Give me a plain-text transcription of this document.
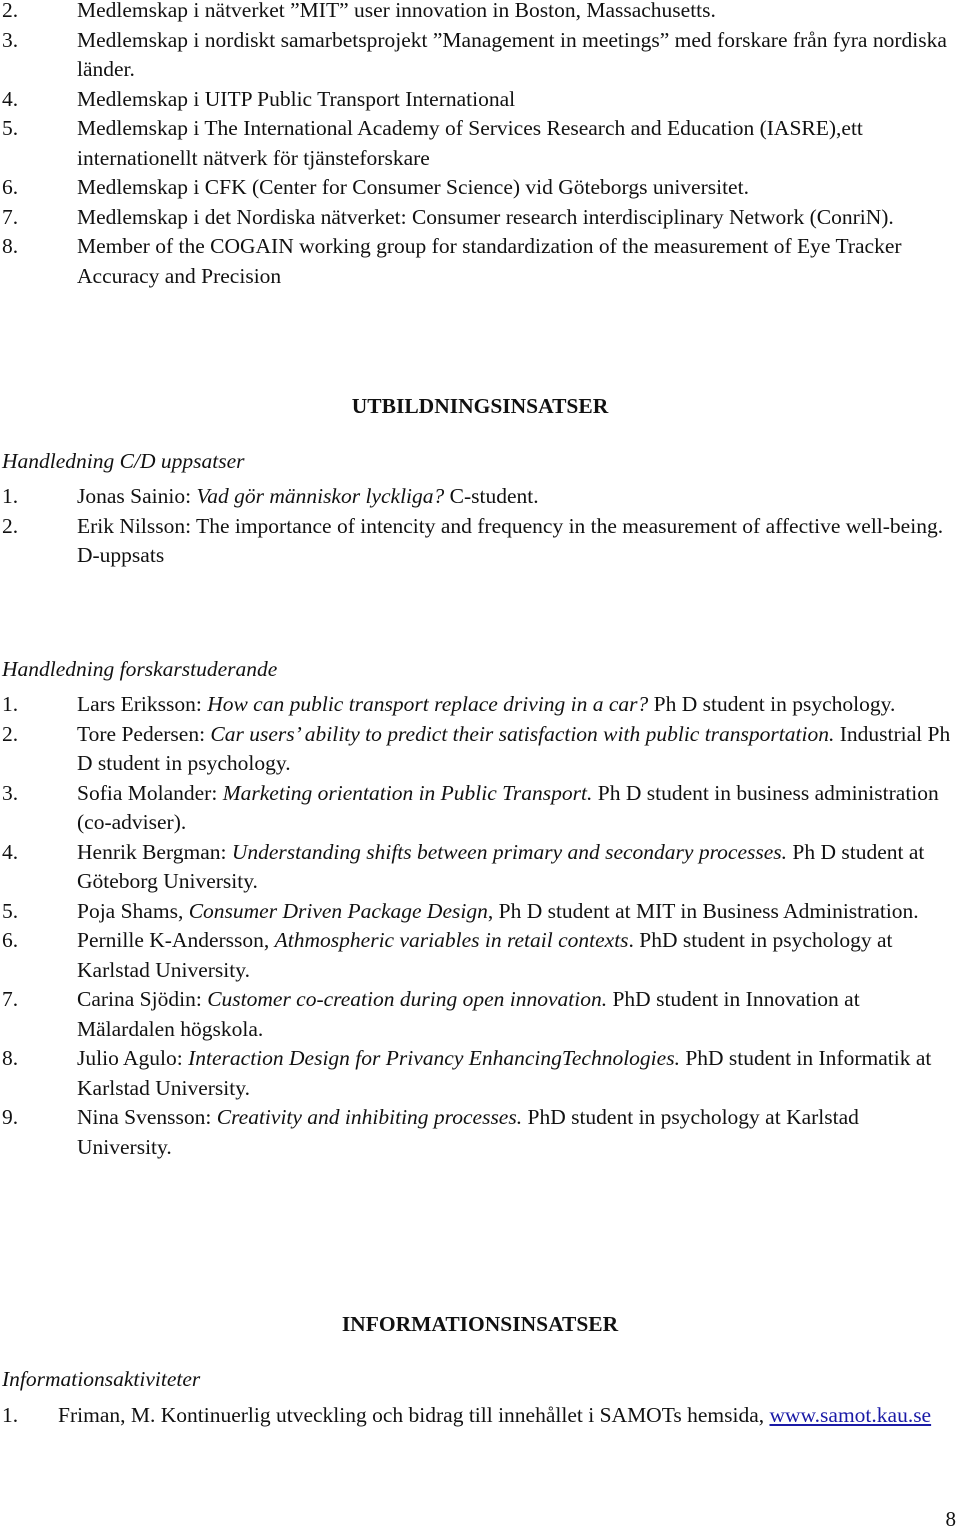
2.	Medlemskap i nätverket ”MIT” user innovation in Boston, Massachusetts.
3.	Medlemskap i nordiskt samarbetsprojekt ”Management in meetings” med forskare från fyra nordiska länder.
4.	Medlemskap i UITP Public Transport International
5.	Medlemskap i The International Academy of Services Research and Education (IASRE),ett internationellt nätverk för tjänsteforskare
6.	Medlemskap i CFK (Center for Consumer Science) vid Göteborgs universitet.
7.	Medlemskap i det Nordiska nätverket: Consumer research interdisciplinary Network (ConriN).
8.	Member of the COGAIN working group for standardization of the measurement of Eye Tracker Accuracy and Precision
UTBILDNINGSINSATSER
Handledning C/D uppsatser
1.	Jonas Sainio: Vad gör människor lyckliga? C-student.
2.	Erik Nilsson: The importance of intencity and frequency in the measurement of affective well-being. D-uppsats
Handledning forskarstuderande
1.	Lars Eriksson: How can public transport replace driving in a car? Ph D student in psychology.
2.	Tore Pedersen: Car users’ ability to predict their satisfaction with public transportation. Industrial Ph D student in psychology.
3.	Sofia Molander: Marketing orientation in Public Transport. Ph D student in business administration (co-adviser).
4.	Henrik Bergman: Understanding shifts between primary and secondary processes. Ph D student at Göteborg University.
5.	Poja Shams, Consumer Driven Package Design, Ph D student at MIT in Business Administration.
6.	Pernille K-Andersson, Athmospheric variables in retail contexts. PhD student in psychology at Karlstad University.
7.	Carina Sjödin: Customer co-creation during open innovation. PhD student in Innovation at Mälardalen högskola.
8.	Julio Agulo: Interaction Design for Privancy EnhancingTechnologies. PhD student in Informatik at Karlstad University.
9.	Nina Svensson: Creativity and inhibiting processes. PhD student in psychology at Karlstad University.
INFORMATIONSINSATSER
Informationsaktiviteter
1. Friman, M. Kontinuerlig utveckling och bidrag till innehållet i SAMOTs hemsida, www.samot.kau.se
8
